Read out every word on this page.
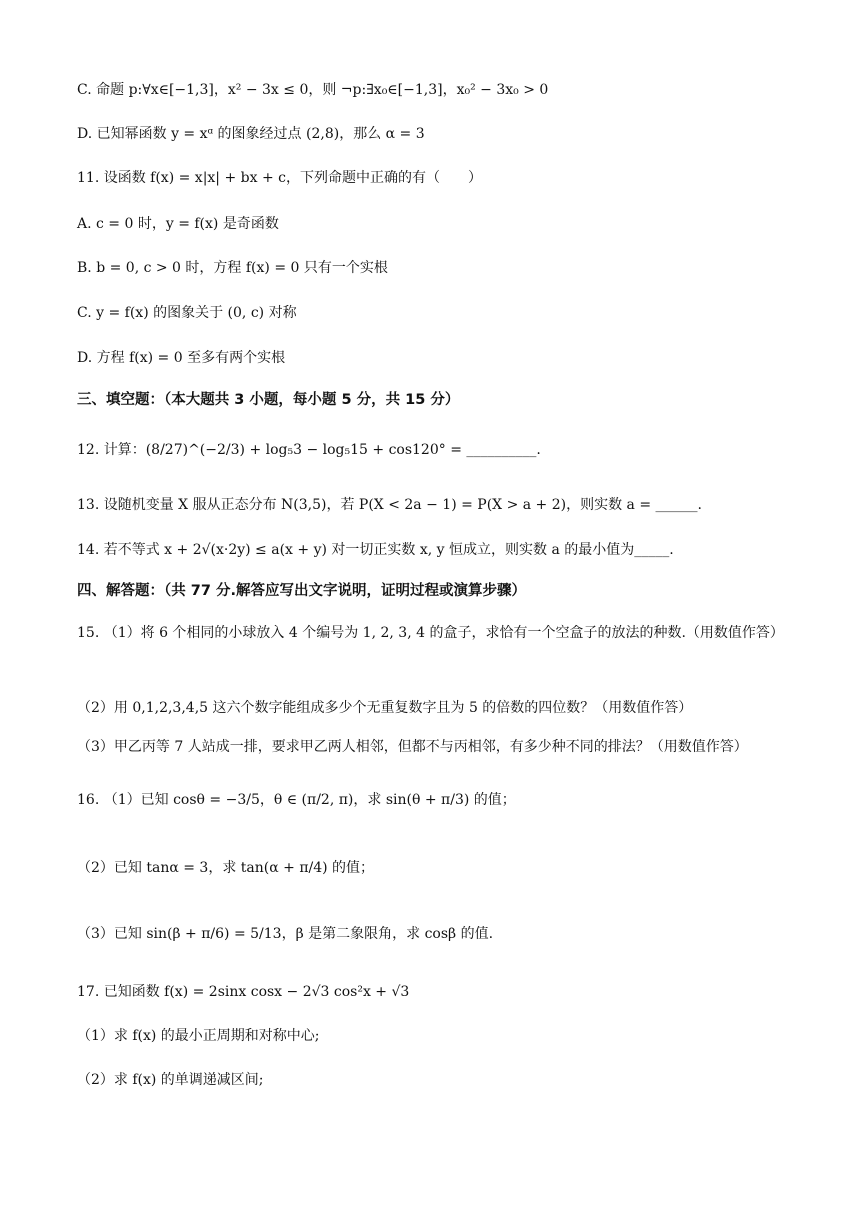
C. 命题 p:∀x∈[−1,3]，x² − 3x ≤ 0，则 ¬p:∃x₀∈[−1,3]，x₀² − 3x₀ > 0
D. 已知幂函数 y = xᵅ 的图象经过点 (2,8)，那么 α = 3
11. 设函数 f(x) = x|x| + bx + c，下列命题中正确的有（　　）
A. c = 0 时，y = f(x) 是奇函数
B. b = 0, c > 0 时，方程 f(x) = 0 只有一个实根
C. y = f(x) 的图象关于 (0, c) 对称
D. 方程 f(x) = 0 至多有两个实根
三、填空题：（本大题共 3 小题，每小题 5 分，共 15 分）
12. 计算：(8/27)^(−2/3) + log₅3 − log₅15 + cos120° = __________.
13. 设随机变量 X 服从正态分布 N(3,5)，若 P(X < 2a − 1) = P(X > a + 2)，则实数 a = ______.
14. 若不等式 x + 2√(x·2y) ≤ a(x + y) 对一切正实数 x, y 恒成立，则实数 a 的最小值为_____.
四、解答题：（共 77 分.解答应写出文字说明，证明过程或演算步骤）
15. （1）将 6 个相同的小球放入 4 个编号为 1, 2, 3, 4 的盒子，求恰有一个空盒子的放法的种数.（用数值作答）
（2）用 0,1,2,3,4,5 这六个数字能组成多少个无重复数字且为 5 的倍数的四位数？（用数值作答）
（3）甲乙丙等 7 人站成一排，要求甲乙两人相邻，但都不与丙相邻，有多少种不同的排法？（用数值作答）
16. （1）已知 cosθ = −3/5，θ ∈ (π/2, π)，求 sin(θ + π/3) 的值；
（2）已知 tanα = 3，求 tan(α + π/4) 的值；
（3）已知 sin(β + π/6) = 5/13，β 是第二象限角，求 cosβ 的值.
17. 已知函数 f(x) = 2sinx cosx − 2√3 cos²x + √3
（1）求 f(x) 的最小正周期和对称中心;
（2）求 f(x) 的单调递减区间;
